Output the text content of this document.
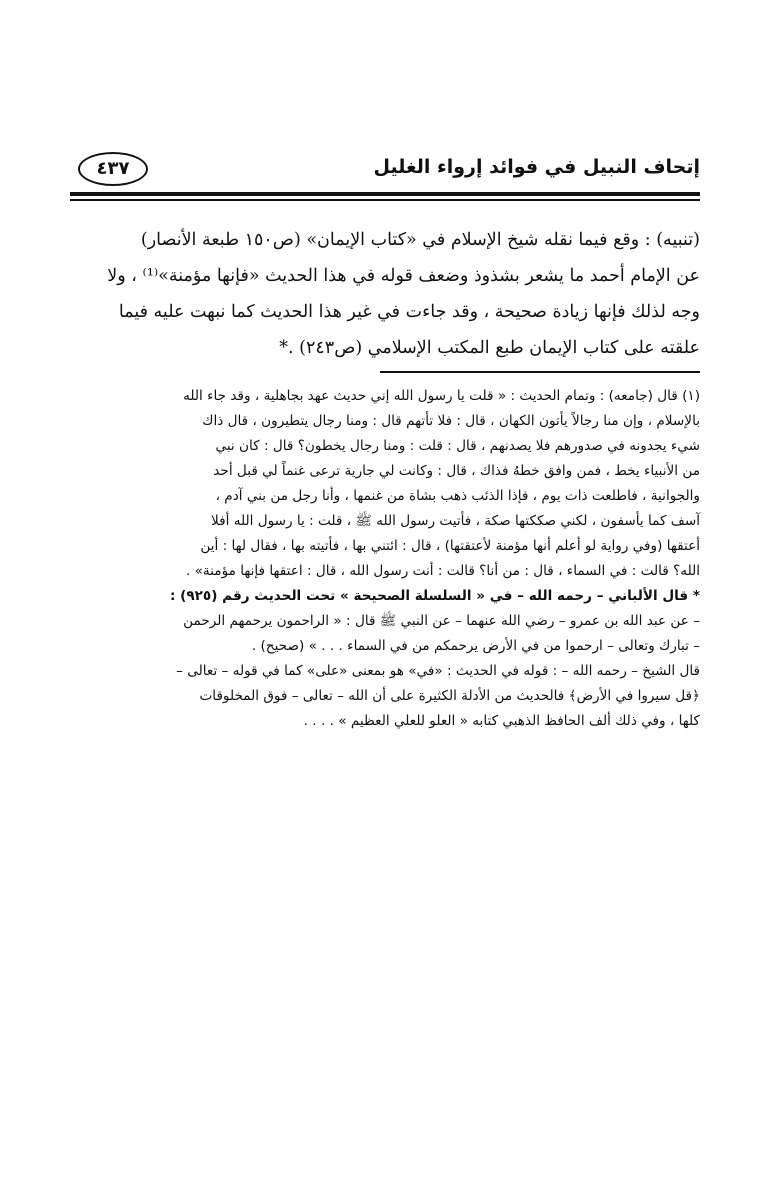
إتحاف النبيل في فوائد إرواء الغليل
٤٣٧
(تنبيه) : وقع فيما نقله شيخ الإسلام في «كتاب الإيمان» (ص١٥٠ طبعة الأنصار)
عن الإمام أحمد ما يشعر بشذوذ وضعف قوله في هذا الحديث «فإنها مؤمنة»⁽¹⁾ ، ولا
وجه لذلك فإنها زيادة صحيحة ، وقد جاءت في غير هذا الحديث كما نبهت عليه فيما
علقته على كتاب الإيمان طبع المكتب الإسلامي (ص٢٤٣) .*
(١) قال (جامعه) : وتمام الحديث : « قلت يا رسول الله إني حديث عهد بجاهلية ، وقد جاء الله
بالإسلام ، وإن منا رجالاً يأتون الكهان ، قال : فلا تأتهم قال : ومنا رجال يتطيرون ، قال ذاك
شيء يجدونه في صدورهم فلا يصدنهم ، قال : قلت : ومنا رجال يخطون؟ قال : كان نبي
من الأنبياء يخط ، فمن وافق خطهُ فذاك ، قال : وكانت لي جارية ترعى غنماً لي قبل أحد
والجوانية ، فاطلعت ذات يوم ، فإذا الذئب ذهب بشاة من غنمها ، وأنا رجل من بني آدم ،
آسف كما يأسفون ، لكني صككتها صكة ، فأتيت رسول الله ﷺ ، قلت : يا رسول الله أفلا
أعتقها (وفي رواية لو أعلم أنها مؤمنة لأعتقتها) ، قال : ائتني بها ، فأتيته بها ، فقال لها : أين
الله؟ قالت : في السماء ، قال : من أنا؟ قالت : أنت رسول الله ، قال : اعتقها فإنها مؤمنة» .
* قال الألباني – رحمه الله – في « السلسلة الصحيحة » تحت الحديث رقم (٩٢٥) :
– عن عبد الله بن عمرو – رضي الله عنهما – عن النبي ﷺ قال : « الراحمون يرحمهم الرحمن
– تبارك وتعالى – ارحموا من في الأرض يرحمكم من في السماء . . . » (صحيح) .
قال الشيخ – رحمه الله – : قوله في الحديث : «في» هو بمعنى «على» كما في قوله – تعالى –
﴿قل سيروا في الأرض﴾ فالحديث من الأدلة الكثيرة على أن الله – تعالى – فوق المخلوقات
كلها ، وفي ذلك ألف الحافظ الذهبي كتابه « العلو للعلي العظيم » . . . .
